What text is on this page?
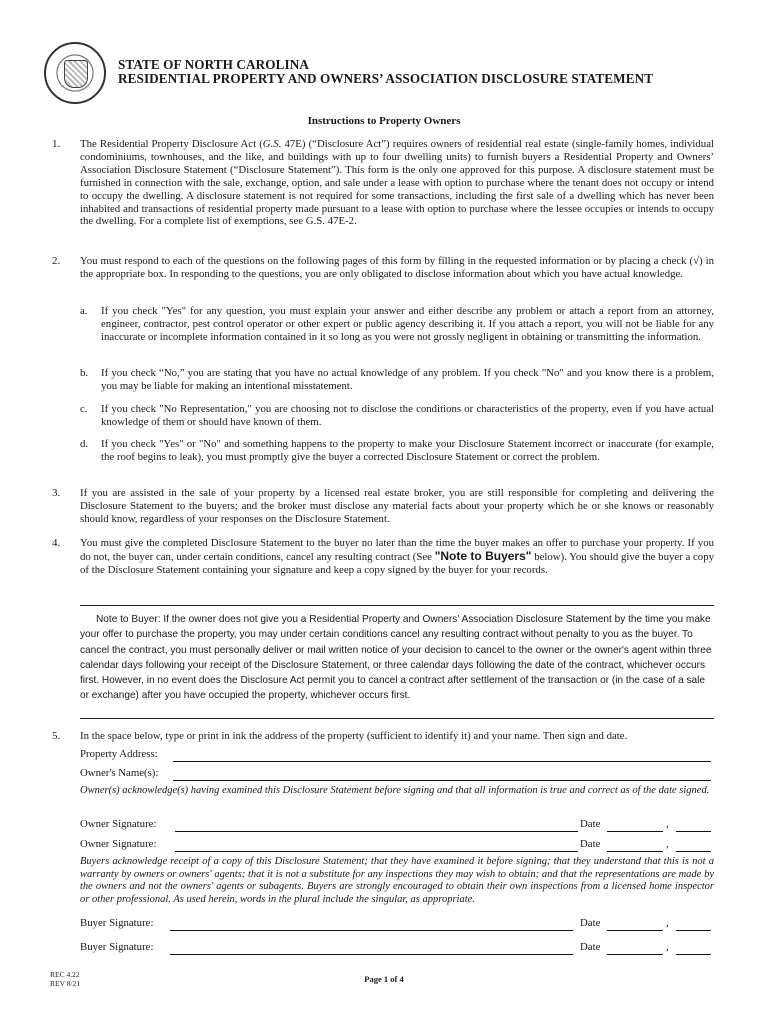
STATE OF NORTH CAROLINA
RESIDENTIAL PROPERTY AND OWNERS’ ASSOCIATION DISCLOSURE STATEMENT
Instructions to Property Owners
1. The Residential Property Disclosure Act (G.S. 47E) (“Disclosure Act”) requires owners of residential real estate (single-family homes, individual condominiums, townhouses, and the like, and buildings with up to four dwelling units) to furnish buyers a Residential Property and Owners’ Association Disclosure Statement (“Disclosure Statement”). This form is the only one approved for this purpose. A disclosure statement must be furnished in connection with the sale, exchange, option, and sale under a lease with option to purchase where the tenant does not occupy or intend to occupy the dwelling. A disclosure statement is not required for some transactions, including the first sale of a dwelling which has never been inhabited and transactions of residential property made pursuant to a lease with option to purchase where the lessee occupies or intends to occupy the dwelling. For a complete list of exemptions, see G.S. 47E-2.
2. You must respond to each of the questions on the following pages of this form by filling in the requested information or by placing a check (√) in the appropriate box. In responding to the questions, you are only obligated to disclose information about which you have actual knowledge.
a. If you check "Yes" for any question, you must explain your answer and either describe any problem or attach a report from an attorney, engineer, contractor, pest control operator or other expert or public agency describing it. If you attach a report, you will not be liable for any inaccurate or incomplete information contained in it so long as you were not grossly negligent in obtaining or transmitting the information.
b. If you check “No,” you are stating that you have no actual knowledge of any problem. If you check "No" and you know there is a problem, you may be liable for making an intentional misstatement.
c. If you check "No Representation," you are choosing not to disclose the conditions or characteristics of the property, even if you have actual knowledge of them or should have known of them.
d. If you check "Yes" or "No" and something happens to the property to make your Disclosure Statement incorrect or inaccurate (for example, the roof begins to leak), you must promptly give the buyer a corrected Disclosure Statement or correct the problem.
3. If you are assisted in the sale of your property by a licensed real estate broker, you are still responsible for completing and delivering the Disclosure Statement to the buyers; and the broker must disclose any material facts about your property which he or she knows or reasonably should know, regardless of your responses on the Disclosure Statement.
4. You must give the completed Disclosure Statement to the buyer no later than the time the buyer makes an offer to purchase your property. If you do not, the buyer can, under certain conditions, cancel any resulting contract (See "Note to Buyers" below). You should give the buyer a copy of the Disclosure Statement containing your signature and keep a copy signed by the buyer for your records.
Note to Buyer: If the owner does not give you a Residential Property and Owners' Association Disclosure Statement by the time you make your offer to purchase the property, you may under certain conditions cancel any resulting contract without penalty to you as the buyer. To cancel the contract, you must personally deliver or mail written notice of your decision to cancel to the owner or the owner's agent within three calendar days following your receipt of the Disclosure Statement, or three calendar days following the date of the contract, whichever occurs first. However, in no event does the Disclosure Act permit you to cancel a contract after settlement of the transaction or (in the case of a sale or exchange) after you have occupied the property, whichever occurs first.
5. In the space below, type or print in ink the address of the property (sufficient to identify it) and your name. Then sign and date.
Property Address:
Owner's Name(s):
Owner(s) acknowledge(s) having examined this Disclosure Statement before signing and that all information is true and correct as of the date signed.
Owner Signature:	Date	,
Owner Signature:	Date	,
Buyers acknowledge receipt of a copy of this Disclosure Statement; that they have examined it before signing; that they understand that this is not a warranty by owners or owners' agents; that it is not a substitute for any inspections they may wish to obtain; and that the representations are made by the owners and not the owners' agents or subagents. Buyers are strongly encouraged to obtain their own inspections from a licensed home inspector or other professional. As used herein, words in the plural include the singular, as appropriate.
Buyer Signature:	Date	,
Buyer Signature:	Date	,
REC 4.22
REV 8/21	Page 1 of 4
